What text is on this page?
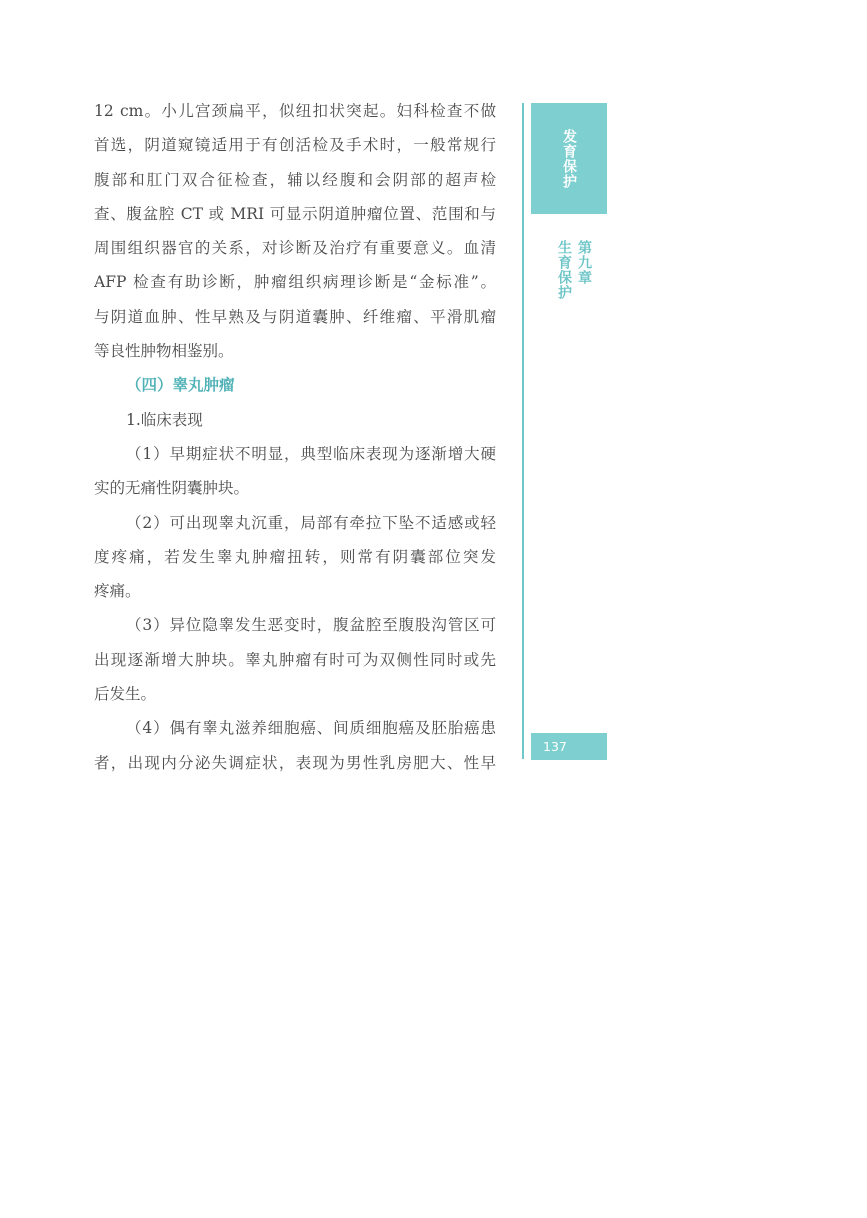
12 cm。小儿宫颈扁平，似纽扣状突起。妇科检查不做
首选，阴道窥镜适用于有创活检及手术时，一般常规行
腹部和肛门双合征检查，辅以经腹和会阴部的超声检
查、腹盆腔 CT 或 MRI 可显示阴道肿瘤位置、范围和与
周围组织器官的关系，对诊断及治疗有重要意义。血清
AFP 检查有助诊断，肿瘤组织病理诊断是“金标准”。
与阴道血肿、性早熟及与阴道囊肿、纤维瘤、平滑肌瘤
等良性肿物相鉴别。
（四）睾丸肿瘤
1.临床表现
（1）早期症状不明显，典型临床表现为逐渐增大硬
实的无痛性阴囊肿块。
（2）可出现睾丸沉重，局部有牵拉下坠不适感或轻
度疼痛，若发生睾丸肿瘤扭转，则常有阴囊部位突发
疼痛。
（3）异位隐睾发生恶变时，腹盆腔至腹股沟管区可
出现逐渐增大肿块。睾丸肿瘤有时可为双侧性同时或先
后发生。
（4）偶有睾丸滋养细胞癌、间质细胞癌及胚胎癌患
者，出现内分泌失调症状，表现为男性乳房肥大、性早
发育保护
第九章
生育保护
137
